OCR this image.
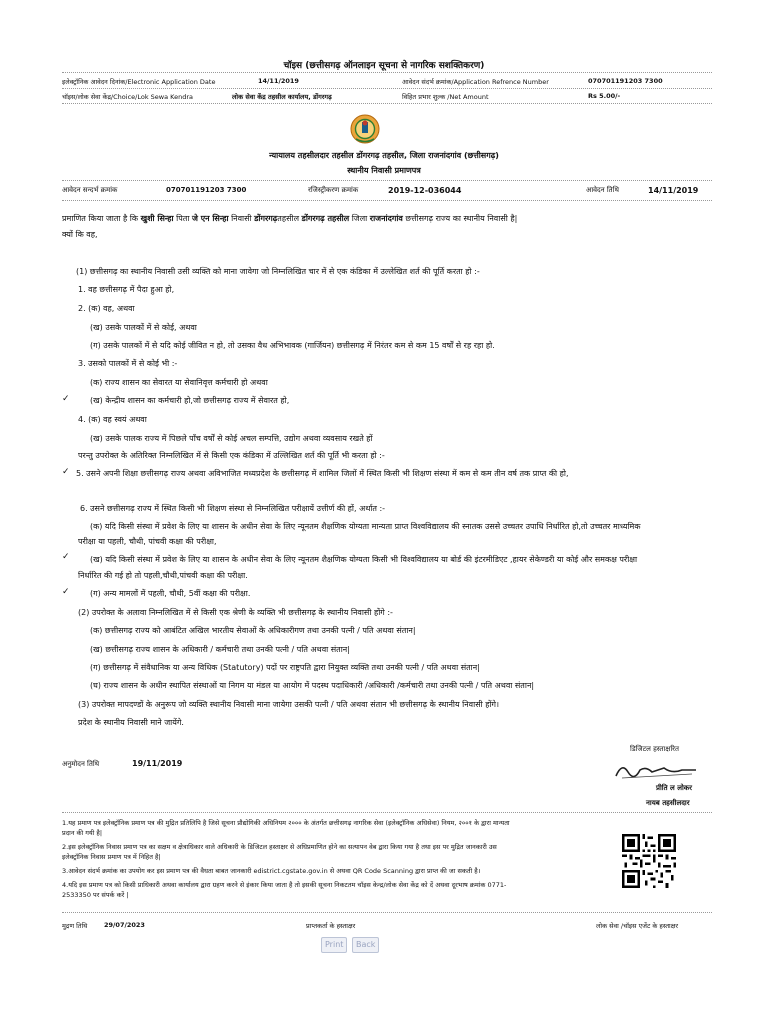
चॉइस (छत्तीसगढ़ ऑनलाइन सूचना से नागरिक सशक्तिकरण)
इलेक्ट्रॉनिक आवेदन दिनांक/Electronic Application Date	14/11/2019	आवेदन संदर्भ क्रमांक/Application Refrence Number	070701191203 7300
चॉइस/लोक सेवा केंद्र/Choice/Lok Sewa Kendra	लोक सेवा केंद्र तहसील कार्यालय, डोंगरगढ़	विहित प्रभार शुल्क /Net Amount	Rs 5.00/-
न्यायालय तहसीलदार तहसील डोंगरगढ़ तहसील, जिला राजनांदगांव (छत्तीसगढ़)
स्थानीय निवासी प्रमाणपत्र
आवेदन सन्दर्भ क्रमांक	070701191203 7300	रजिस्ट्रीकरण क्रमांक	2019-12-036044	आवेदन तिथि	14/11/2019
प्रमाणित किया जाता है कि खुशी सिन्हा पिता जे एन सिन्हा निवासी डोंगरगढ़तहसील डोंगरगढ़ तहसील जिला राजनांदगांव छत्तीसगढ़ राज्य का स्थानीय निवासी है|
क्यों कि वह,
(1) छत्तीसगढ़ का स्थानीय निवासी उसी व्यक्ति को माना जावेगा जो निम्नलिखित चार में से एक कंडिका में उल्लेखित शर्त की पूर्ति करता हो :-
1. वह छत्तीसगढ़ में पैदा हुआ हो,
2. (क) वह, अथवा
(ख) उसके पालकों में से कोई, अथवा
(ग) उसके पालकों में से यदि कोई जीवित न हो, तो उसका वैध अभिभावक (गार्जियन) छत्तीसगढ़ में निरंतर कम से कम 15 वर्षों से रह रहा हो.
3. उसको पालकों में से कोई भी :-
(क) राज्य शासन का सेवारत या सेवानिवृत्त कर्मचारी हो अथवा
✓	(ख) केन्द्रीय शासन का कर्मचारी हो,जो छत्तीसगढ़ राज्य में सेवारत हो,
4. (क) वह स्वयं अथवा
(ख) उसके पालक राज्य में पिछले पाँच वर्षों से कोई अचल सम्पत्ति, उद्योग अथवा व्यवसाय रखते हों
परन्तु उपरोक्त के अतिरिक्त निम्नलिखित में से किसी एक कंडिका में उल्लिखित शर्त की पूर्ति भी करता हो :-
✓ 5. उसने अपनी शिक्षा छत्तीसगढ़ राज्य अथवा अविभाजित मध्यप्रदेश के छत्तीसगढ़ में शामिल जिलों में स्थित किसी भी शिक्षण संस्था में कम से कम तीन वर्ष तक प्राप्त की हो,
6. उसने छत्तीसगढ़ राज्य में स्थित किसी भी शिक्षण संस्था से निम्नलिखित परीक्षायें उत्तीर्ण की हों, अर्थात :-
(क) यदि किसी संस्था में प्रवेश के लिए या शासन के अधीन सेवा के लिए न्यूनतम शैक्षणिक योग्यता मान्यता प्राप्त विश्वविद्यालय की स्नातक उससे उच्चतर उपाधि निर्धारित हो,तो उच्चतर माध्यमिक
परीक्षा या पहली, चौथी, पांचवी कक्षा की परीक्षा,
✓	(ख) यदि किसी संस्था में प्रवेश के लिए या शासन के अधीन सेवा के लिए न्यूनतम शैक्षणिक योग्यता किसी भी विश्वविद्यालय या बोर्ड की इंटरमीडिएट ,हायर सेकेण्डरी या कोई और समकक्ष परीक्षा
निर्धारित की गई हो तो पहली,चौथी,पांचवी कक्षा की परीक्षा.
✓	(ग) अन्य मामलों में पहली, चौथी, 5वीं कक्षा की परीक्षा.
(2) उपरोक्त के अलावा निम्नलिखित में से किसी एक श्रेणी के व्यक्ति भी छत्तीसगढ़ के स्थानीय निवासी होंगे :-
(क) छत्तीसगढ़ राज्य को आबंटित अखिल भारतीय सेवाओं के अधिकारीगण तथा उनकी पत्नी / पति अथवा संतान|
(ख) छत्तीसगढ़ राज्य शासन के अधिकारी / कर्मचारी तथा उनकी पत्नी / पति अथवा संतान|
(ग) छत्तीसगढ़ में संवैधानिक या अन्य विधिक (Statutory) पदों पर राष्ट्रपति द्वारा नियुक्त व्यक्ति तथा उनकी पत्नी / पति अथवा संतान|
(घ) राज्य शासन के अधीन स्थापित संस्थाओं या निगम या मंडल या आयोग में पदस्थ पदाधिकारी /अधिकारी /कर्मचारी तथा उनकी पत्नी / पति अथवा संतान|
(3) उपरोक्त मापदण्डों के अनुरूप जो व्यक्ति स्थानीय निवासी माना जायेगा उसकी पत्नी / पति अथवा संतान भी छत्तीसगढ़ के स्थानीय निवासी होंगे।
प्रदेश के स्थानीय निवासी माने जायेंगे.
डिजिटल हस्ताक्षरित
अनुमोदन तिथि	19/11/2019
प्रीति ल लोकर
नायब तहसीलदार
1.यह प्रमाण पत्र इलेक्ट्रॉनिक प्रमाण पत्र की मुद्रित प्रतिलिपि है जिसे सूचना प्रौद्योगिकी अधिनियम २००० के अंतर्गत छत्तीसगढ़ नागरिक सेवा (इलेक्ट्रॉनिक अधिसेवा) नियम, २००१ के द्वारा मान्यता
प्रदान की गयी है|
2.इस इलेक्ट्रॉनिक निवास प्रमाण पत्र का सक्षम व क्षेत्राधिकार वाले अधिकारी के डिजिटल हस्ताक्षर से अधिप्रमाणित होने का सत्यापन वेब द्वारा किया गया है तथा इस पर मुद्रित जानकारी उस
इलेक्ट्रॉनिक निवास प्रमाण पत्र में निहित है|
3.आवेदन संदर्भ क्रमांक का उपयोग कर इस प्रमाण पत्र की वैधता बाबत जानकारी edistrict.cgstate.gov.in से अथवा QR Code Scanning द्वारा प्राप्त की जा सकती है।
4.यदि इस प्रमाण पत्र को किसी प्राधिकारी अथवा कार्यालय द्वारा ग्रहण करने से इंकार किया जाता है तो इसकी सूचना निकटतम चॉइस केन्द्र/लोक सेवा केंद्र को दें अथवा दूरभाष क्रमांक 0771-
2533350 पर संपर्क करें |
मुद्रण तिथि	29/07/2023	प्राप्तकर्ता के हस्ताक्षर	लोक सेवा /चॉइस एजेंट के हस्ताक्षर
Print	Back
